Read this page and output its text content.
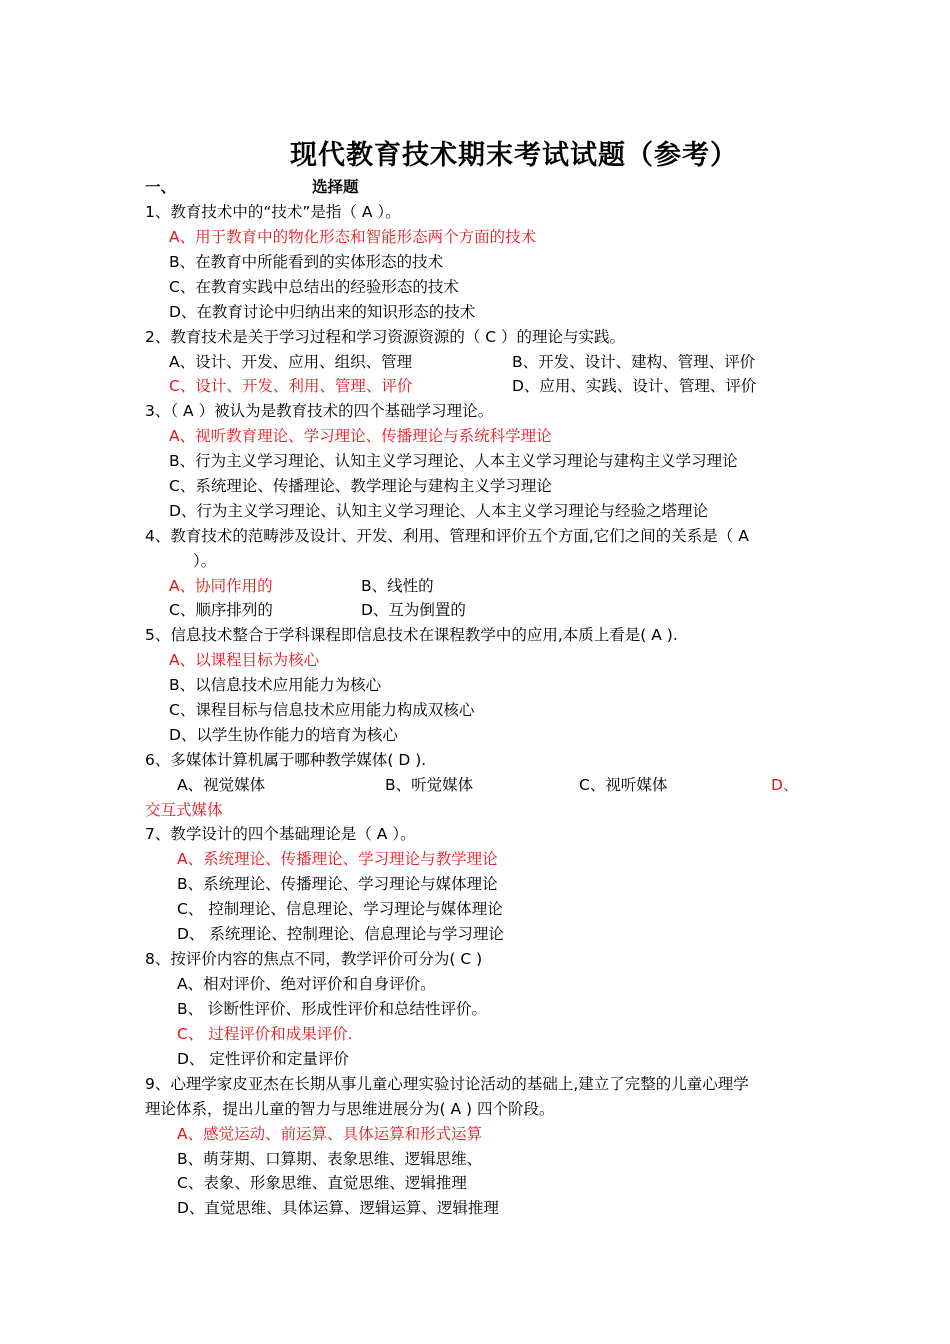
现代教育技术期末考试试题（参考）
一、	选择题
1、教育技术中的“技术”是指（ A ）。
A、用于教育中的物化形态和智能形态两个方面的技术
B、在教育中所能看到的实体形态的技术
C、在教育实践中总结出的经验形态的技术
D、在教育讨论中归纳出来的知识形态的技术
2、教育技术是关于学习过程和学习资源资源的（ C ）的理论与实践。
A、设计、开发、应用、组织、管理	B、开发、设计、建构、管理、评价
C、设计、开发、利用、管理、评价	D、应用、实践、设计、管理、评价
3、（ A ）被认为是教育技术的四个基础学习理论。
A、视听教育理论、学习理论、传播理论与系统科学理论
B、行为主义学习理论、认知主义学习理论、人本主义学习理论与建构主义学习理论
C、系统理论、传播理论、教学理论与建构主义学习理论
D、行为主义学习理论、认知主义学习理论、人本主义学习理论与经验之塔理论
4、教育技术的范畴涉及设计、开发、利用、管理和评价五个方面,它们之间的关系是（ A
）。
A、协同作用的	B、线性的
C、顺序排列的	D、互为倒置的
5、信息技术整合于学科课程即信息技术在课程教学中的应用,本质上看是( A ).
A、以课程目标为核心
B、以信息技术应用能力为核心
C、课程目标与信息技术应用能力构成双核心
D、以学生协作能力的培育为核心
6、多媒体计算机属于哪种教学媒体( D ).
A、视觉媒体	B、听觉媒体	C、视听媒体	D、
交互式媒体
7、教学设计的四个基础理论是（ A ）。
A、系统理论、传播理论、学习理论与教学理论
B、系统理论、传播理论、学习理论与媒体理论
C、 控制理论、信息理论、学习理论与媒体理论
D、 系统理论、控制理论、信息理论与学习理论
8、按评价内容的焦点不同，教学评价可分为( C )
A、相对评价、绝对评价和自身评价。
B、 诊断性评价、形成性评价和总结性评价。
C、 过程评价和成果评价.
D、 定性评价和定量评价
9、心理学家皮亚杰在长期从事儿童心理实验讨论活动的基础上,建立了完整的儿童心理学
理论体系，提出儿童的智力与思维进展分为( A ) 四个阶段。
A、感觉运动、前运算、具体运算和形式运算
B、萌芽期、口算期、表象思维、逻辑思维、
C、表象、形象思维、直觉思维、逻辑推理
D、直觉思维、具体运算、逻辑运算、逻辑推理
